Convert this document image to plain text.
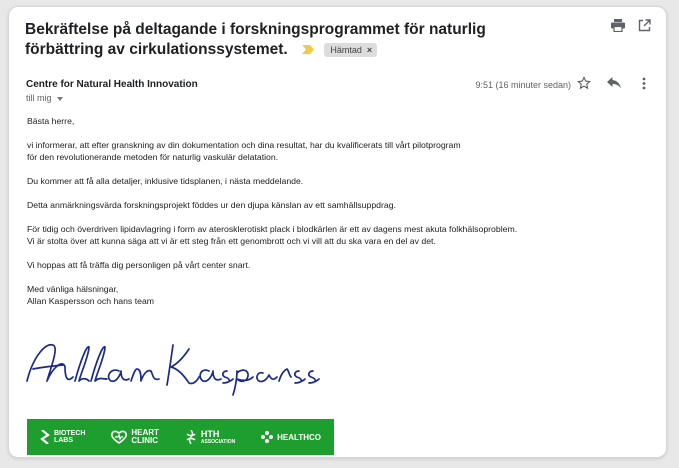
Bekräftelse på deltagande i forskningsprogrammet för naturlig förbättring av cirkulationssystemet.	Hämtad ×
Centre for Natural Health Innovation
till mig
9:51 (16 minuter sedan)

Bästa herre,

vi informerar, att efter granskning av din dokumentation och dina resultat, har du kvalificerats till vårt pilotprogram
för den revolutionerande metoden för naturlig vaskulär delatation.

Du kommer att få alla detaljer, inklusive tidsplanen, i nästa meddelande.

Detta anmärkningsvärda forskningsprojekt föddes ur den djupa känslan av ett samhällsuppdrag.

För tidig och överdriven lipidavlagring i form av aterosklerotiskt plack i blodkärlen är ett av dagens mest akuta folkhälsoproblem.
Vi är stolta över att kunna säga att vi är ett steg från ett genombrott och vi vill att du ska vara en del av det.

Vi hoppas att få träffa dig personligen på vårt center snart.

Med vänliga hälsningar,
Allan Kaspersson och hans team

BIOTECH
LABS
HEART
CLINIC
HTH
ASSOCIATION	HEALTHCO
